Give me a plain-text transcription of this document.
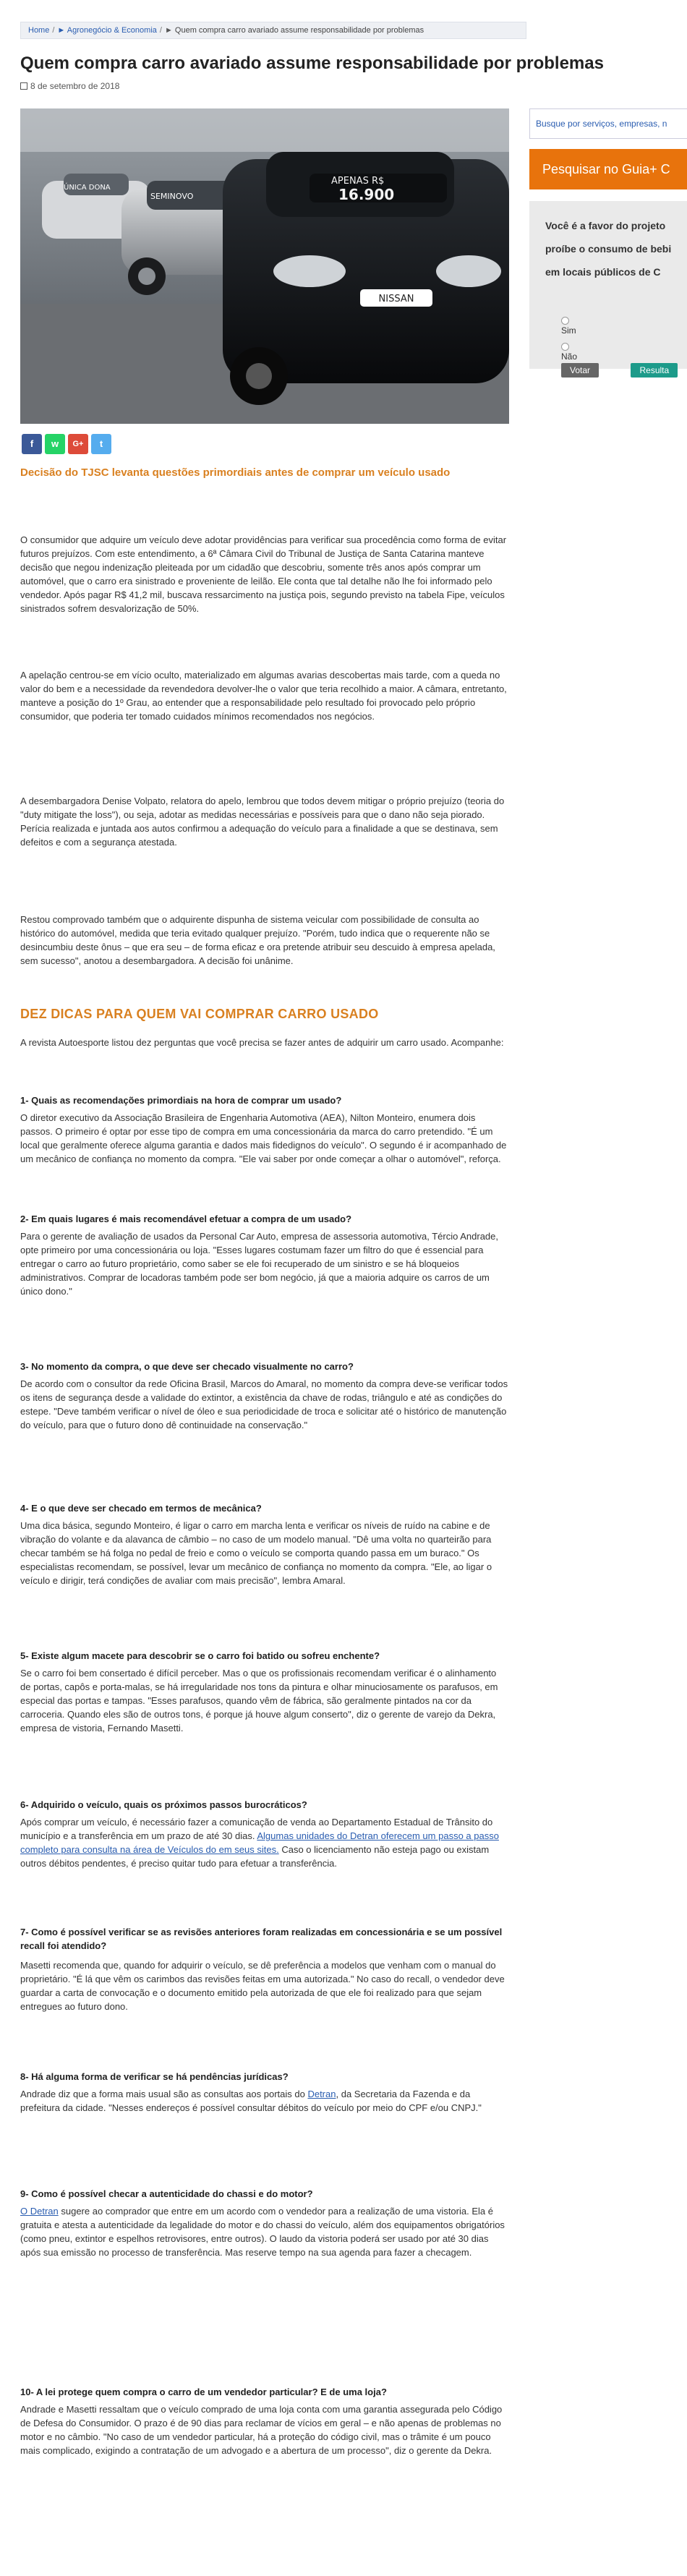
Home / ► Agronegócio & Economia / ► Quem compra carro avariado assume responsabilidade por problemas
Quem compra carro avariado assume responsabilidade por problemas
8 de setembro de 2018
NISSAN
APENAS R$
16.900
SEMINOVO
ÚNICA DONA
f	w	G+	t
Decisão do TJSC levanta questões primordiais antes de comprar um veículo usado

O consumidor que adquire um veículo deve adotar providências para verificar sua procedência como forma de evitar futuros prejuízos. Com este entendimento, a 6ª Câmara Civil do Tribunal de Justiça de Santa Catarina manteve decisão que negou indenização pleiteada por um cidadão que descobriu, somente três anos após comprar um automóvel, que o carro era sinistrado e proveniente de leilão. Ele conta que tal detalhe não lhe foi informado pelo vendedor. Após pagar R$ 41,2 mil, buscava ressarcimento na justiça pois, segundo previsto na tabela Fipe, veículos sinistrados sofrem desvalorização de 50%.

A apelação centrou-se em vício oculto, materializado em algumas avarias descobertas mais tarde, com a queda no valor do bem e a necessidade da revendedora devolver-lhe o valor que teria recolhido a maior. A câmara, entretanto, manteve a posição do 1º Grau, ao entender que a responsabilidade pelo resultado foi provocado pelo próprio consumidor, que poderia ter tomado cuidados mínimos recomendados nos negócios.

A desembargadora Denise Volpato, relatora do apelo, lembrou que todos devem mitigar o próprio prejuízo (teoria do "duty mitigate the loss"), ou seja, adotar as medidas necessárias e possíveis para que o dano não seja piorado. Perícia realizada e juntada aos autos confirmou a adequação do veículo para a finalidade a que se destinava, sem defeitos e com a segurança atestada.

Restou comprovado também que o adquirente dispunha de sistema veicular com possibilidade de consulta ao histórico do automóvel, medida que teria evitado qualquer prejuízo. "Porém, tudo indica que o requerente não se desincumbiu deste ônus – que era seu – de forma eficaz e ora pretende atribuir seu descuido à empresa apelada, sem sucesso", anotou a desembargadora. A decisão foi unânime.

DEZ DICAS PARA QUEM VAI COMPRAR CARRO USADO

A revista Autoesporte listou dez perguntas que você precisa se fazer antes de adquirir um carro usado. Acompanhe:

1- Quais as recomendações primordiais na hora de comprar um usado?

O diretor executivo da Associação Brasileira de Engenharia Automotiva (AEA), Nilton Monteiro, enumera dois passos. O primeiro é optar por esse tipo de compra em uma concessionária da marca do carro pretendido. "É um local que geralmente oferece alguma garantia e dados mais fidedignos do veículo". O segundo é ir acompanhado de um mecânico de confiança no momento da compra. "Ele vai saber por onde começar a olhar o automóvel", reforça.

2- Em quais lugares é mais recomendável efetuar a compra de um usado?

Para o gerente de avaliação de usados da Personal Car Auto, empresa de assessoria automotiva, Tércio Andrade, opte primeiro por uma concessionária ou loja. "Esses lugares costumam fazer um filtro do que é essencial para entregar o carro ao futuro proprietário, como saber se ele foi recuperado de um sinistro e se há bloqueios administrativos. Comprar de locadoras também pode ser bom negócio, já que a maioria adquire os carros de um único dono."

3- No momento da compra, o que deve ser checado visualmente no carro?

De acordo com o consultor da rede Oficina Brasil, Marcos do Amaral, no momento da compra deve-se verificar todos os itens de segurança desde a validade do extintor, a existência da chave de rodas, triângulo e até as condições do estepe. "Deve também verificar o nível de óleo e sua periodicidade de troca e solicitar até o histórico de manutenção do veículo, para que o futuro dono dê continuidade na conservação."

4- E o que deve ser checado em termos de mecânica?

Uma dica básica, segundo Monteiro, é ligar o carro em marcha lenta e verificar os níveis de ruído na cabine e de vibração do volante e da alavanca de câmbio – no caso de um modelo manual. "Dê uma volta no quarteirão para checar também se há folga no pedal de freio e como o veículo se comporta quando passa em um buraco." Os especialistas recomendam, se possível, levar um mecânico de confiança no momento da compra. "Ele, ao ligar o veículo e dirigir, terá condições de avaliar com mais precisão", lembra Amaral.

5- Existe algum macete para descobrir se o carro foi batido ou sofreu enchente?

Se o carro foi bem consertado é difícil perceber. Mas o que os profissionais recomendam verificar é o alinhamento de portas, capôs e porta-malas, se há irregularidade nos tons da pintura e olhar minuciosamente os parafusos, em especial das portas e tampas. "Esses parafusos, quando vêm de fábrica, são geralmente pintados na cor da carroceria. Quando eles são de outros tons, é porque já houve algum conserto", diz o gerente de varejo da Dekra, empresa de vistoria, Fernando Masetti.

6- Adquirido o veículo, quais os próximos passos burocráticos?

Após comprar um veículo, é necessário fazer a comunicação de venda ao Departamento Estadual de Trânsito do município e a transferência em um prazo de até 30 dias. Algumas unidades do Detran oferecem um passo a passo completo para consulta na área de Veículos do em seus sites. Caso o licenciamento não esteja pago ou existam outros débitos pendentes, é preciso quitar tudo para efetuar a transferência.

7- Como é possível verificar se as revisões anteriores foram realizadas em concessionária e se um possível recall foi atendido?

Masetti recomenda que, quando for adquirir o veículo, se dê preferência a modelos que venham com o manual do proprietário. "É lá que vêm os carimbos das revisões feitas em uma autorizada." No caso do recall, o vendedor deve guardar a carta de convocação e o documento emitido pela autorizada de que ele foi realizado para que sejam entregues ao futuro dono.

8- Há alguma forma de verificar se há pendências jurídicas?

Andrade diz que a forma mais usual são as consultas aos portais do Detran, da Secretaria da Fazenda e da prefeitura da cidade. "Nesses endereços é possível consultar débitos do veículo por meio do CPF e/ou CNPJ."

9- Como é possível checar a autenticidade do chassi e do motor?

O Detran sugere ao comprador que entre em um acordo com o vendedor para a realização de uma vistoria. Ela é gratuita e atesta a autenticidade da legalidade do motor e do chassi do veículo, além dos equipamentos obrigatórios (como pneu, extintor e espelhos retrovisores, entre outros). O laudo da vistoria poderá ser usado por até 30 dias após sua emissão no processo de transferência. Mas reserve tempo na sua agenda para fazer a checagem.

10- A lei protege quem compra o carro de um vendedor particular? E de uma loja?

Andrade e Masetti ressaltam que o veículo comprado de uma loja conta com uma garantia assegurada pelo Código de Defesa do Consumidor. O prazo é de 90 dias para reclamar de vícios em geral – e não apenas de problemas no motor e no câmbio. "No caso de um vendedor particular, há a proteção do código civil, mas o trâmite é um pouco mais complicado, exigindo a contratação de um advogado e a abertura de um processo", diz o gerente da Dekra.

Busque por serviços, empresas, n
Pesquisar no Guia+ C
Você é a favor do projeto
proíbe o consumo de bebi
em locais públicos de C

Sim

Não
Votar	Resulta
